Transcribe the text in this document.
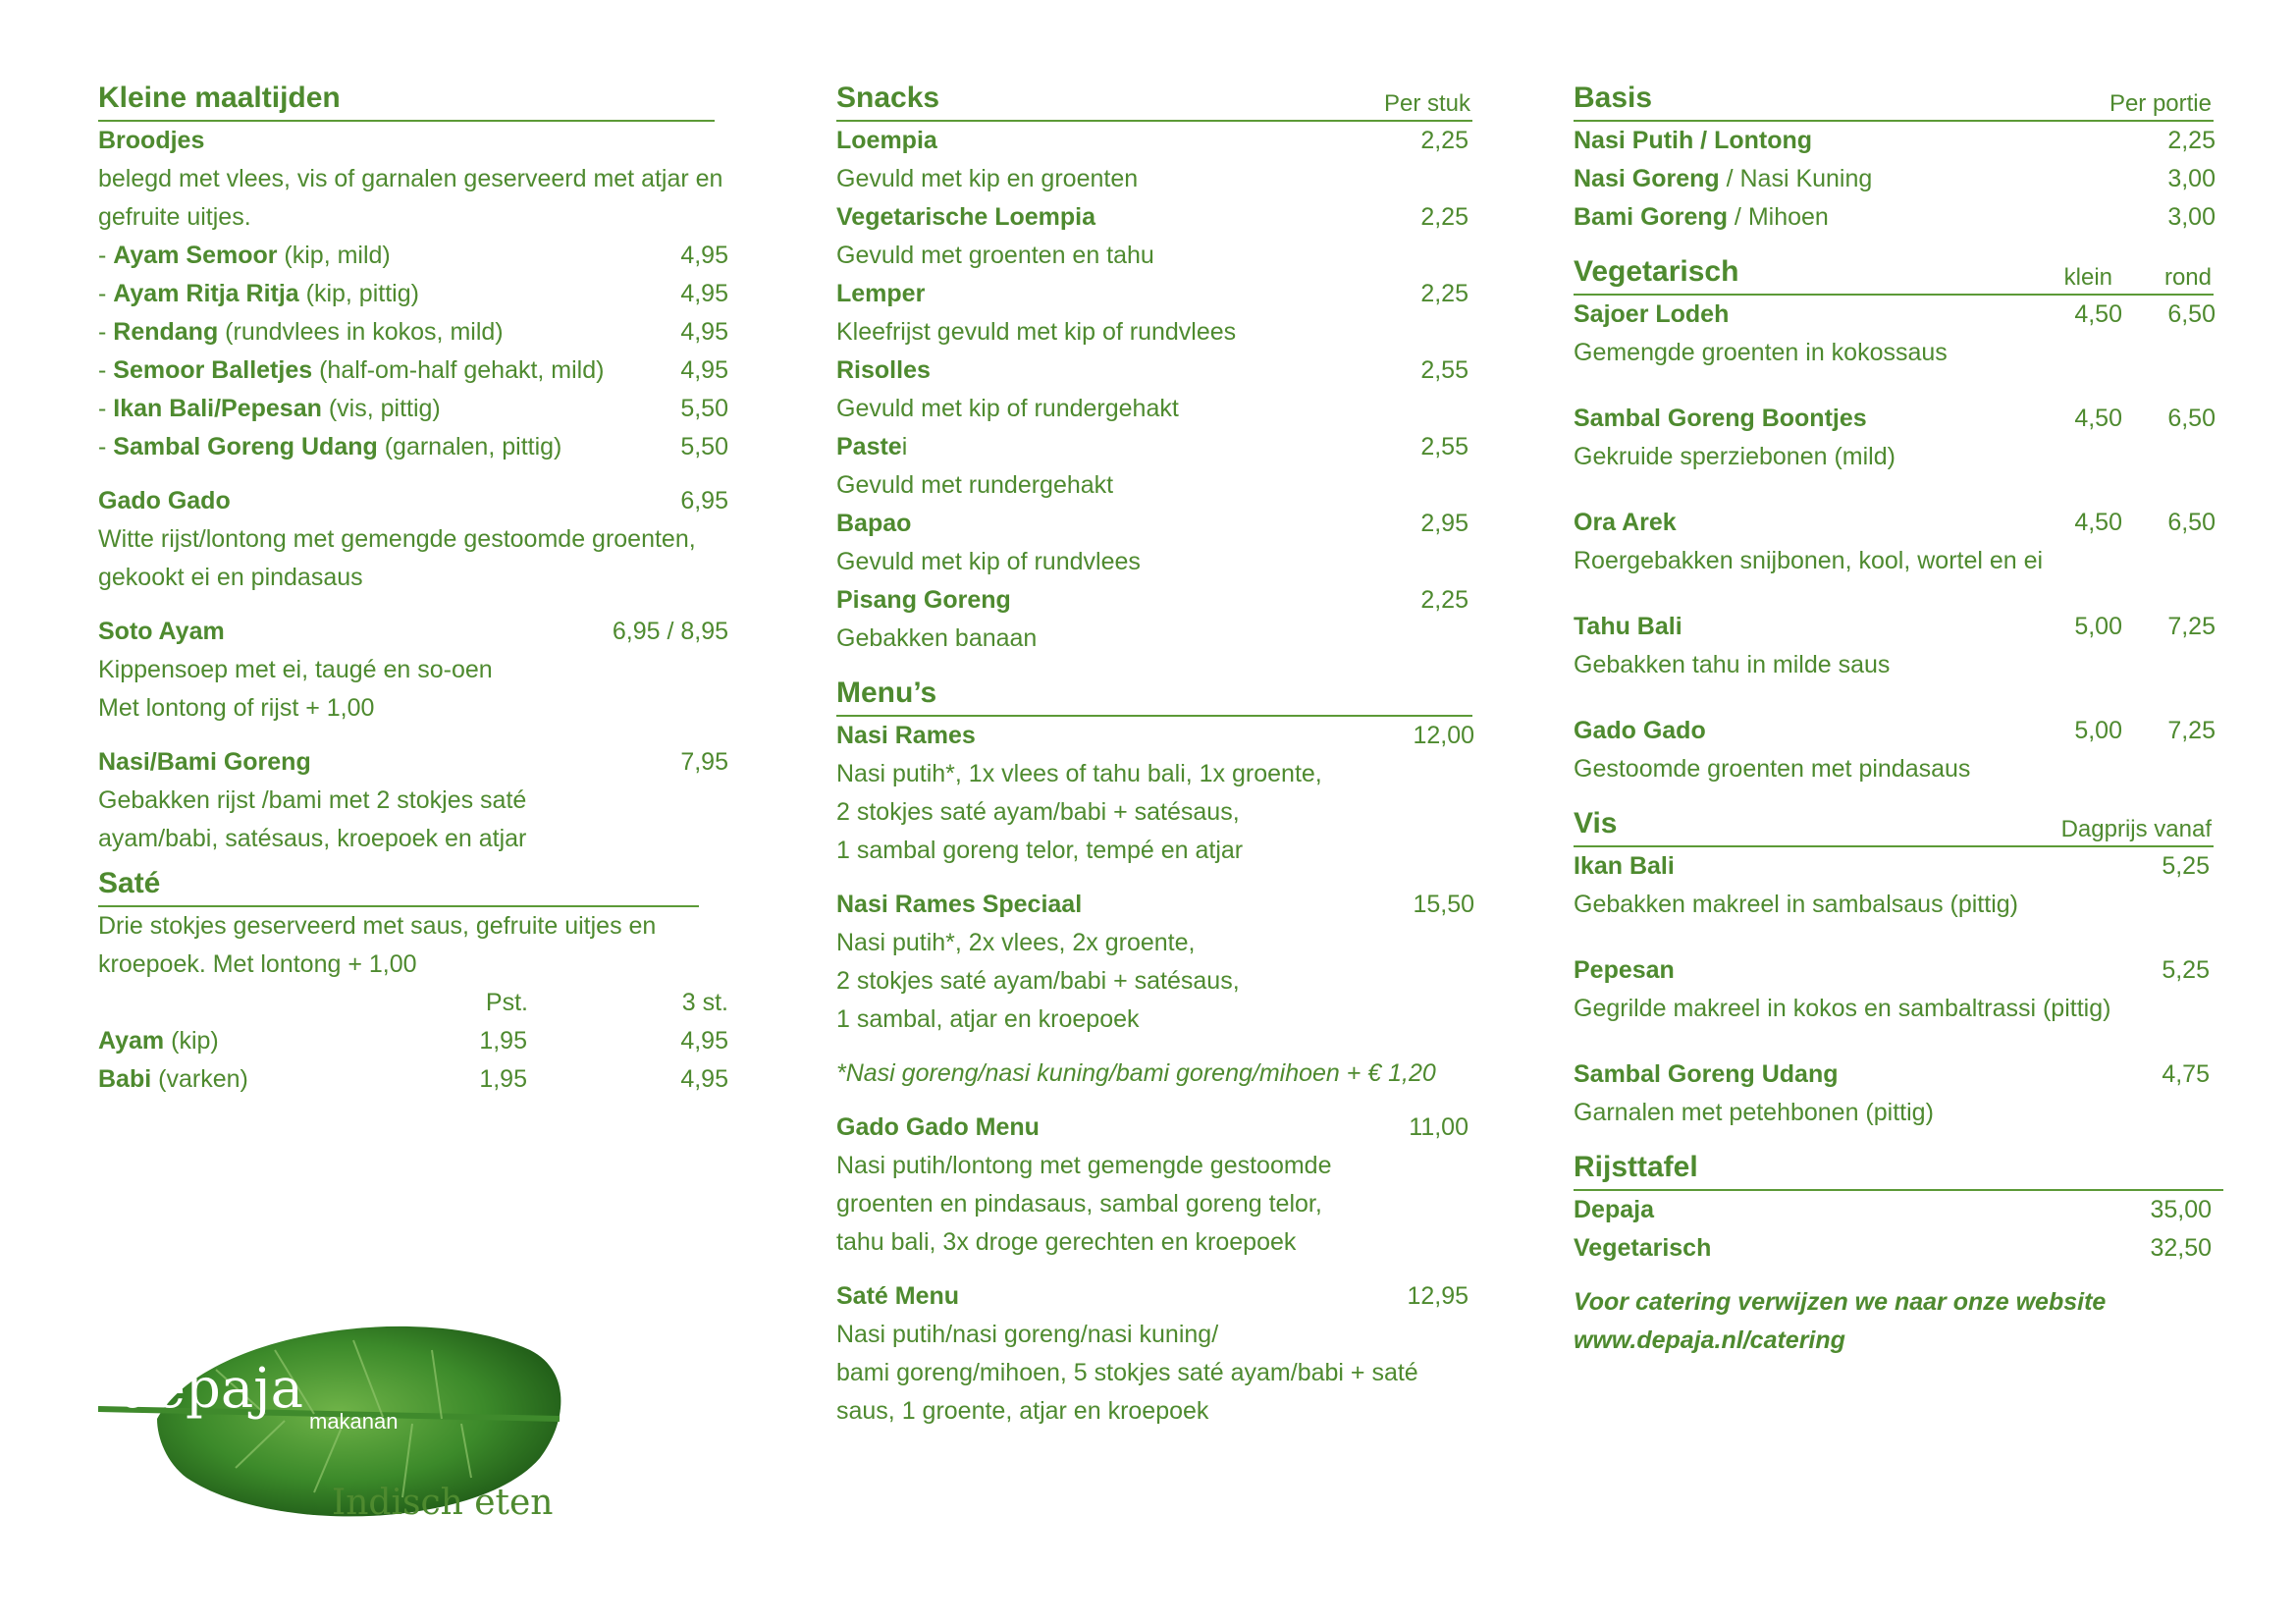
Kleine maaltijden
Broodjes
belegd met vlees, vis of garnalen geserveerd met atjar en
gefruite uitjes.
- Ayam Semoor (kip, mild)	4,95
- Ayam Ritja Ritja (kip, pittig)	4,95
- Rendang (rundvlees in kokos, mild)	4,95
- Semoor Balletjes (half-om-half gehakt, mild)	4,95
- Ikan Bali/Pepesan (vis, pittig)	5,50
- Sambal Goreng Udang (garnalen, pittig)	5,50
Gado Gado	6,95
Witte rijst/lontong met gemengde gestoomde groenten,
gekookt ei en pindasaus
Soto Ayam	6,95 / 8,95
Kippensoep met ei, taugé en so-oen
Met lontong of rijst + 1,00
Nasi/Bami Goreng	7,95
Gebakken rijst /bami met 2 stokjes saté
ayam/babi, satésaus, kroepoek en atjar
Saté
Drie stokjes geserveerd met saus, gefruite uitjes en
kroepoek. Met lontong + 1,00
Pst.	3 st.
Ayam (kip)	1,95	4,95
Babi (varken)	1,95	4,95
depaja
makanan
Indisch eten
Snacks	Per stuk
Loempia	2,25
Gevuld met kip en groenten
Vegetarische Loempia	2,25
Gevuld met groenten en tahu
Lemper	2,25
Kleefrijst gevuld met kip of rundvlees
Risolles	2,55
Gevuld met kip of rundergehakt
Pastei	2,55
Gevuld met rundergehakt
Bapao	2,95
Gevuld met kip of rundvlees
Pisang Goreng	2,25
Gebakken banaan
Menu’s
Nasi Rames	12,00
Nasi putih*, 1x vlees of tahu bali, 1x groente,
2 stokjes saté ayam/babi + satésaus,
1 sambal goreng telor, tempé en atjar
Nasi Rames Speciaal	15,50
Nasi putih*, 2x vlees, 2x groente,
2 stokjes saté ayam/babi + satésaus,
1 sambal, atjar en kroepoek
*Nasi goreng/nasi kuning/bami goreng/mihoen + € 1,20
Gado Gado Menu	11,00
Nasi putih/lontong met gemengde gestoomde
groenten en pindasaus, sambal goreng telor,
tahu bali, 3x droge gerechten en kroepoek
Saté Menu	12,95
Nasi putih/nasi goreng/nasi kuning/
bami goreng/mihoen, 5 stokjes saté ayam/babi + saté
saus, 1 groente, atjar en kroepoek
Basis	Per portie
Nasi Putih / Lontong	2,25
Nasi Goreng / Nasi Kuning	3,00
Bami Goreng / Mihoen	3,00
Vegetarisch	klein rond
Sajoer Lodeh	4,50 6,50
Gemengde groenten in kokossaus
Sambal Goreng Boontjes	4,50 6,50
Gekruide sperziebonen (mild)
Ora Arek	4,50 6,50
Roergebakken snijbonen, kool, wortel en ei
Tahu Bali	5,00 7,25
Gebakken tahu in milde saus
Gado Gado	5,00 7,25
Gestoomde groenten met pindasaus
Vis	Dagprijs vanaf
Ikan Bali	5,25
Gebakken makreel in sambalsaus (pittig)
Pepesan	5,25
Gegrilde makreel in kokos en sambaltrassi (pittig)
Sambal Goreng Udang	4,75
Garnalen met petehbonen (pittig)
Rijsttafel
Depaja	35,00
Vegetarisch	32,50
Voor catering verwijzen we naar onze website
www.depaja.nl/catering
